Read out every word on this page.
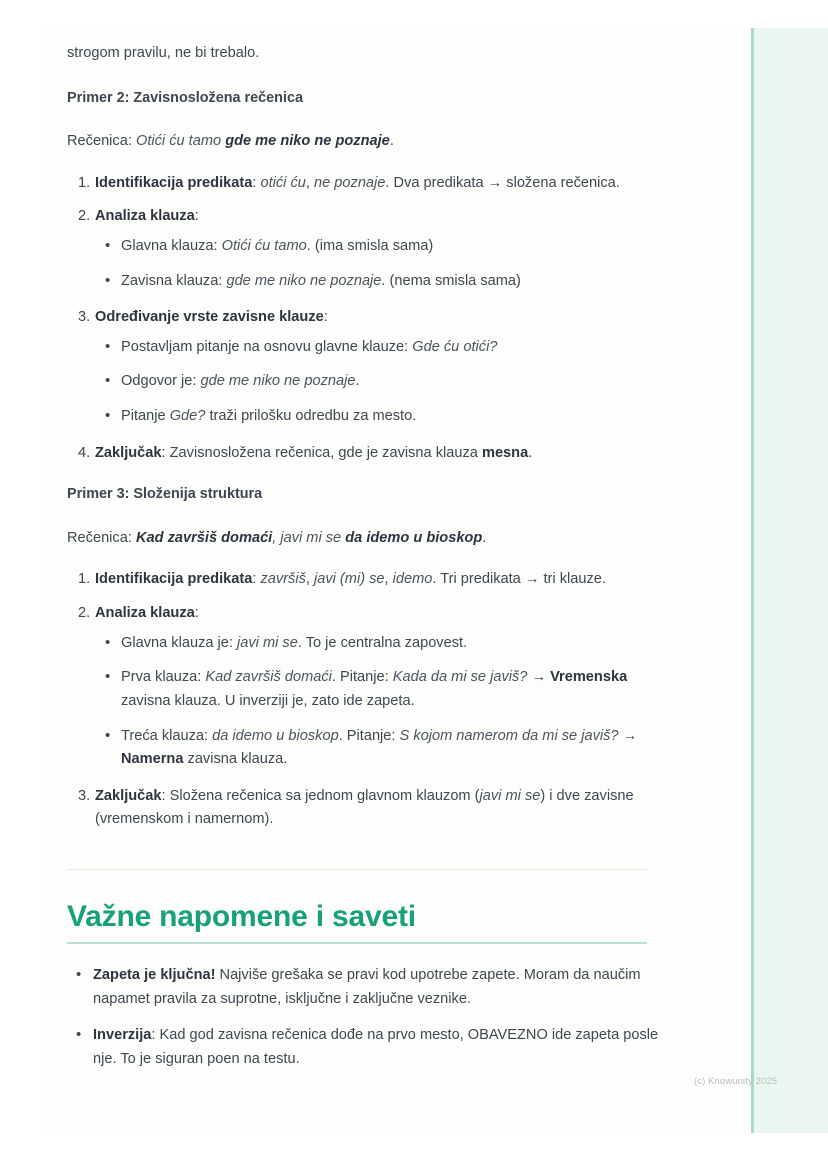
(c) Knowunity 2025

strogom pravilu, ne bi trebalo.

Primer 2: Zavisnosložena rečenica

Rečenica: Otići ću tamo gde me niko ne poznaje.

1. Identifikacija predikata: otići ću, ne poznaje. Dva predikata → složena rečenica.
2. Analiza klauza:
• Glavna klauza: Otići ću tamo. (ima smisla sama)
• Zavisna klauza: gde me niko ne poznaje. (nema smisla sama)
3. Određivanje vrste zavisne klauze:
• Postavljam pitanje na osnovu glavne klauze: Gde ću otići?
• Odgovor je: gde me niko ne poznaje.
• Pitanje Gde? traži prilošku odredbu za mesto.
4. Zaključak: Zavisnosložena rečenica, gde je zavisna klauza mesna.

Primer 3: Složenija struktura

Rečenica: Kad završiš domaći, javi mi se da idemo u bioskop.

1. Identifikacija predikata: završiš, javi (mi) se, idemo. Tri predikata → tri klauze.
2. Analiza klauza:
• Glavna klauza je: javi mi se. To je centralna zapovest.
• Prva klauza: Kad završiš domaći. Pitanje: Kada da mi se javiš? → Vremenska zavisna klauza. U inverziji je, zato ide zapeta.
• Treća klauza: da idemo u bioskop. Pitanje: S kojom namerom da mi se javiš? → Namerna zavisna klauza.
3. Zaključak: Složena rečenica sa jednom glavnom klauzom (javi mi se) i dve zavisne (vremenskom i namernom).
Važne napomene i saveti
• Zapeta je ključna! Najviše grešaka se pravi kod upotrebe zapete. Moram da naučim napamet pravila za suprotne, isključne i zaključne veznike.
• Inverzija: Kad god zavisna rečenica dođe na prvo mesto, OBAVEZNO ide zapeta posle nje. To je siguran poen na testu.
